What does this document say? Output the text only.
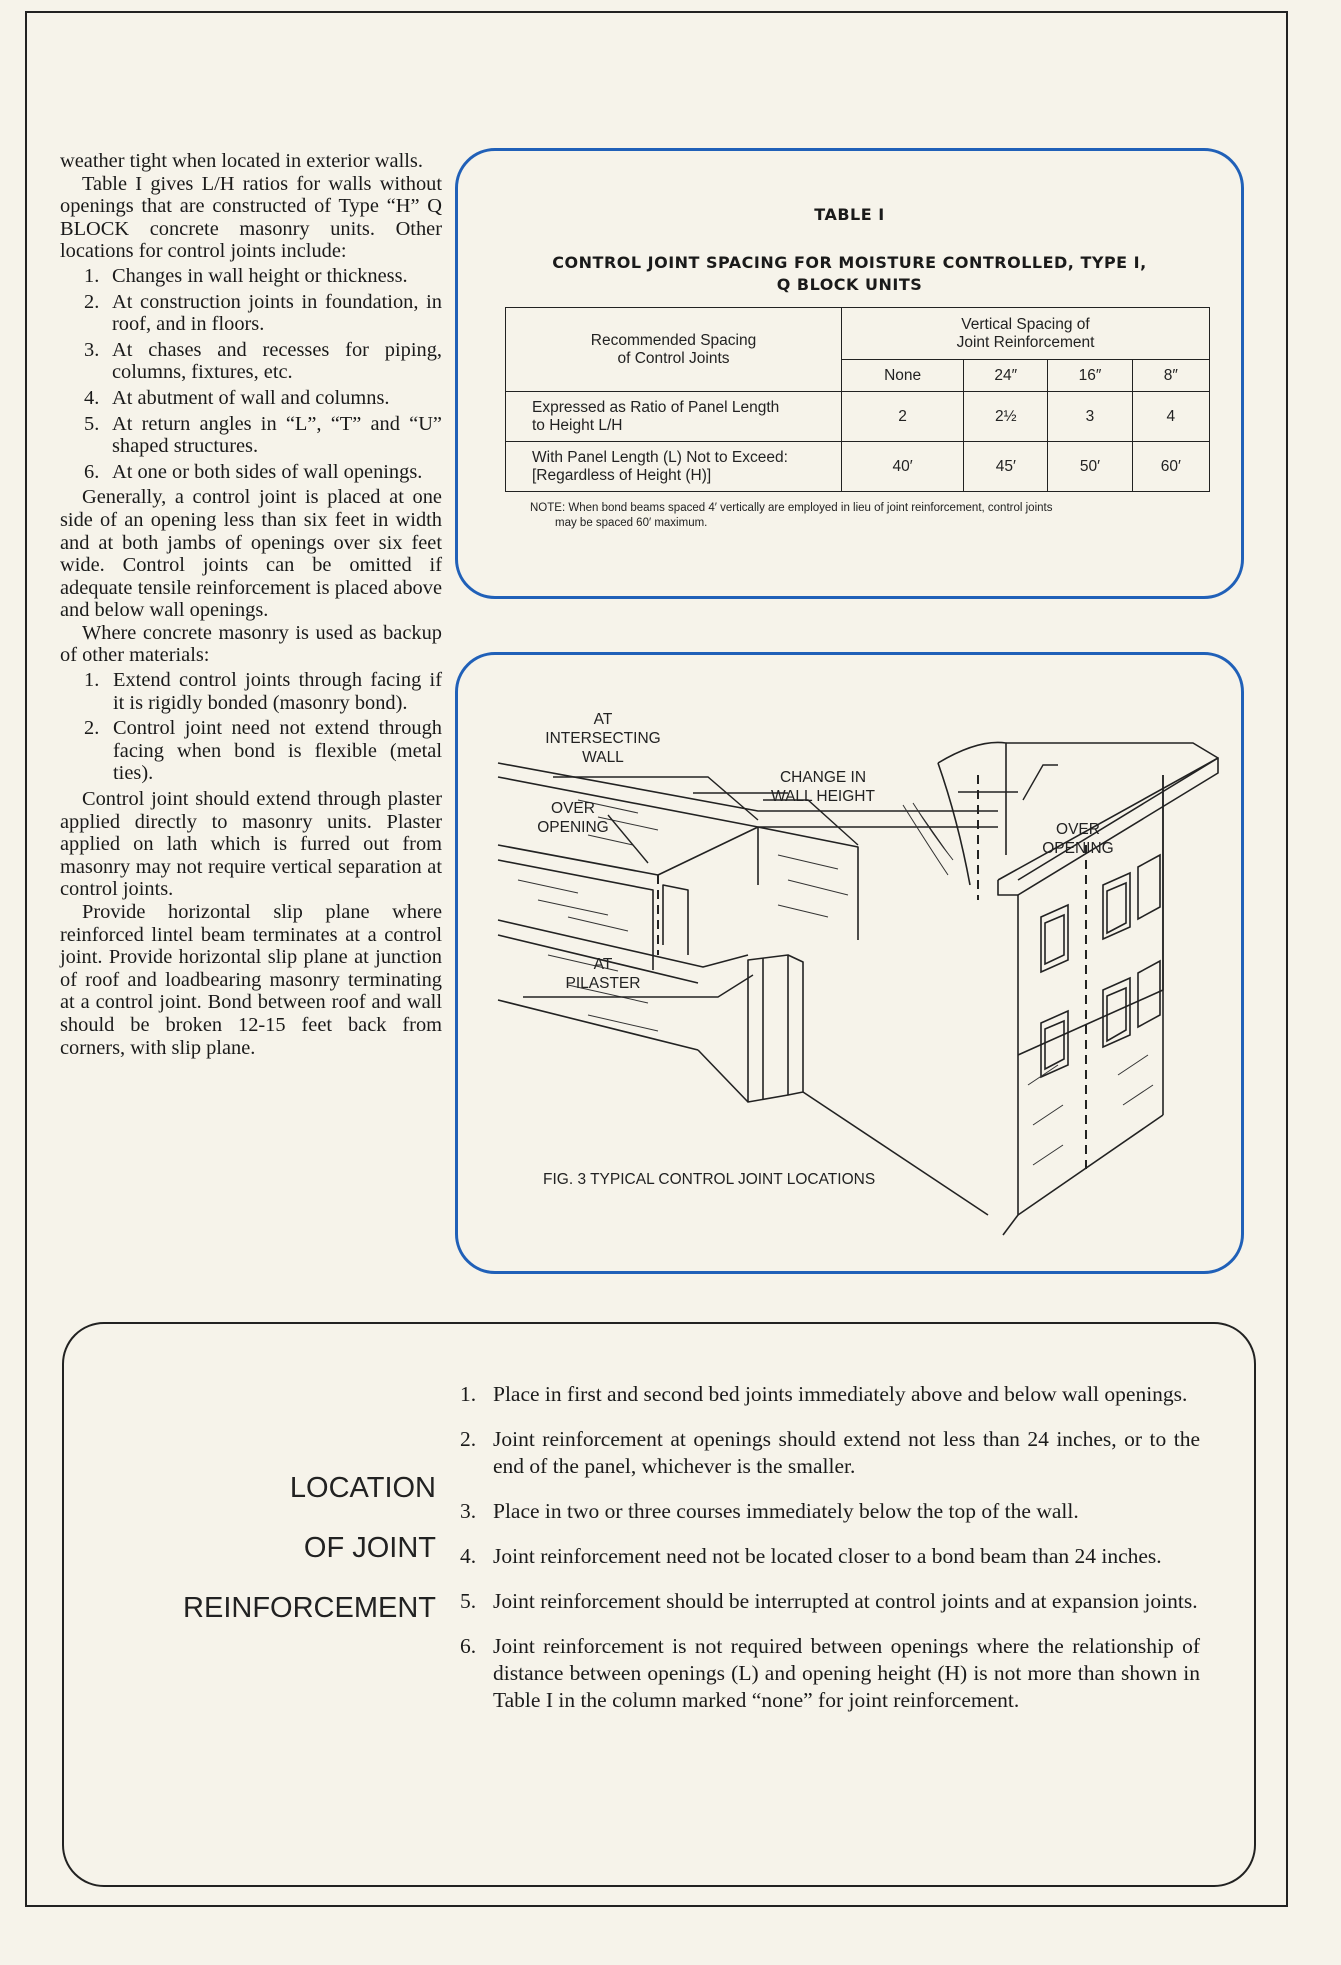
weather tight when located in exterior walls.

Table I gives L/H ratios for walls without openings that are constructed of Type “H” Q BLOCK concrete masonry units. Other locations for control joints include:

1. Changes in wall height or thickness.
2. At construction joints in foundation, in roof, and in floors.
3. At chases and recesses for piping, columns, fixtures, etc.
4. At abutment of wall and columns.
5. At return angles in “L”, “T” and “U” shaped structures.
6. At one or both sides of wall openings.

Generally, a control joint is placed at one side of an opening less than six feet in width and at both jambs of openings over six feet wide. Control joints can be omitted if adequate tensile reinforcement is placed above and below wall openings.

Where concrete masonry is used as backup of other materials:

1. Extend control joints through facing if it is rigidly bonded (masonry bond).
2. Control joint need not extend through facing when bond is flexible (metal ties).

Control joint should extend through plaster applied directly to masonry units. Plaster applied on lath which is furred out from masonry may not require vertical separation at control joints.

Provide horizontal slip plane where reinforced lintel beam terminates at a control joint. Provide horizontal slip plane at junction of roof and loadbearing masonry terminating at a control joint. Bond between roof and wall should be broken 12-15 feet back from corners, with slip plane.

TABLE I
CONTROL JOINT SPACING FOR MOISTURE CONTROLLED, TYPE I,
Q BLOCK UNITS
Recommended Spacing
of Control Joints	Vertical Spacing of
Joint Reinforcement			
	None	24″	16″	8″
Expressed as Ratio of Panel Length
to Height L/H	2	2½	3	4
With Panel Length (L) Not to Exceed:
[Regardless of Height (H)]	40′	45′	50′	60′
NOTE: When bond beams spaced 4′ vertically are employed in lieu of joint reinforcement, control joints
may be spaced 60′ maximum.
AT
INTERSECTING
WALL
CHANGE IN
WALL HEIGHT
OVER
OPENING	OVER
OPENING
AT
PILASTER
FIG. 3 TYPICAL CONTROL JOINT LOCATIONS
LOCATION
OF JOINT
REINFORCEMENT
1. Place in first and second bed joints immediately above and below wall openings.
2. Joint reinforcement at openings should extend not less than 24 inches, or to the end of the panel, whichever is the smaller.
3. Place in two or three courses immediately below the top of the wall.
4. Joint reinforcement need not be located closer to a bond beam than 24 inches.
5. Joint reinforcement should be interrupted at control joints and at expansion joints.
6. Joint reinforcement is not required between openings where the relationship of distance between openings (L) and opening height (H) is not more than shown in Table I in the column marked “none” for joint reinforcement.
